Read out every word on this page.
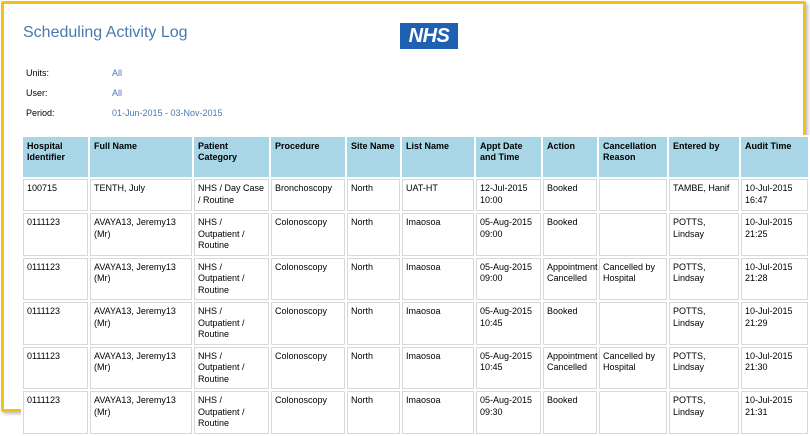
Scheduling Activity Log	NHS
Units:	All
User:	All
Period:	01-Jun-2015 - 03-Nov-2015
Hospital Identifier	Full Name	Patient Category	Procedure	Site Name	List Name	Appt Date and Time	Action	Cancellation Reason	Entered by	Audit Time
100715	TENTH, July	NHS / Day Case / Routine	Bronchoscopy	North	UAT-HT	12-Jul-2015 10:00	Booked		TAMBE, Hanif	10-Jul-2015 16:47
0111123	AVAYA13, Jeremy13 (Mr)	NHS / Outpatient / Routine	Colonoscopy	North	Imaosoa	05-Aug-2015 09:00	Booked		POTTS, Lindsay	10-Jul-2015 21:25
0111123	AVAYA13, Jeremy13 (Mr)	NHS / Outpatient / Routine	Colonoscopy	North	Imaosoa	05-Aug-2015 09:00	Appointment Cancelled	Cancelled by Hospital	POTTS, Lindsay	10-Jul-2015 21:28
0111123	AVAYA13, Jeremy13 (Mr)	NHS / Outpatient / Routine	Colonoscopy	North	Imaosoa	05-Aug-2015 10:45	Booked		POTTS, Lindsay	10-Jul-2015 21:29
0111123	AVAYA13, Jeremy13 (Mr)	NHS / Outpatient / Routine	Colonoscopy	North	Imaosoa	05-Aug-2015 10:45	Appointment Cancelled	Cancelled by Hospital	POTTS, Lindsay	10-Jul-2015 21:30
0111123	AVAYA13, Jeremy13 (Mr)	NHS / Outpatient / Routine	Colonoscopy	North	Imaosoa	05-Aug-2015 09:30	Booked		POTTS, Lindsay	10-Jul-2015 21:31
